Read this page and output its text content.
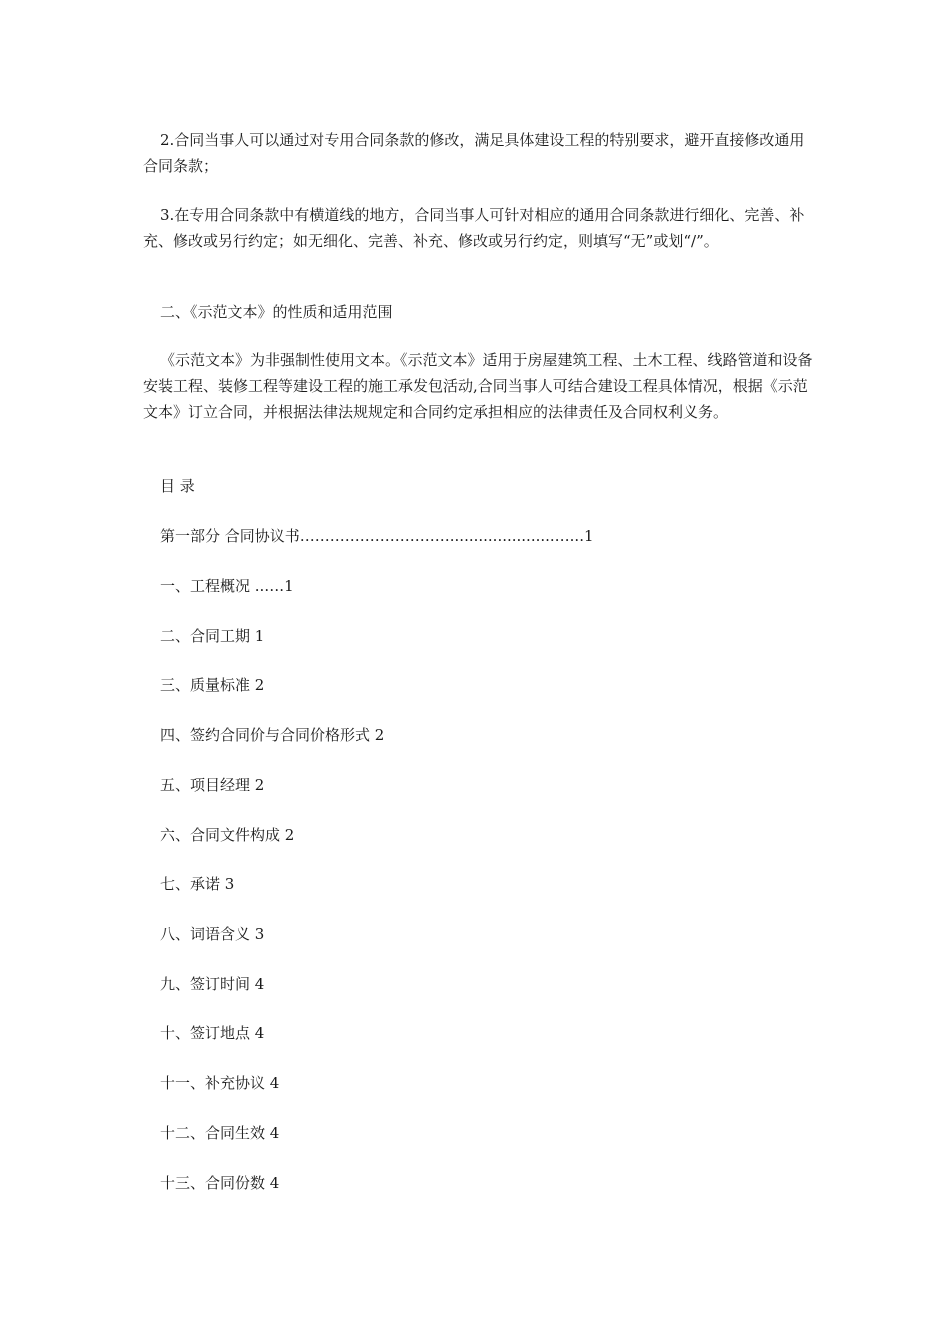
2.合同当事人可以通过对专用合同条款的修改，满足具体建设工程的特别要求，避开直接修改通用合同条款；

3.在专用合同条款中有横道线的地方，合同当事人可针对相应的通用合同条款进行细化、完善、补充、修改或另行约定；如无细化、完善、补充、修改或另行约定，则填写“无”或划“/”。

二、《示范文本》的性质和适用范围

《示范文本》为非强制性使用文本。《示范文本》适用于房屋建筑工程、土木工程、线路管道和设备安装工程、装修工程等建设工程的施工承发包活动,合同当事人可结合建设工程具体情况，根据《示范文本》订立合同，并根据法律法规规定和合同约定承担相应的法律责任及合同权利义务。

目 录

第一部分 合同协议书…………………………......................…...1

一、工程概况 ..….1

二、合同工期 1

三、质量标准 2

四、签约合同价与合同价格形式 2

五、项目经理 2

六、合同文件构成 2

七、承诺 3

八、词语含义 3

九、签订时间 4

十、签订地点 4

十一、补充协议 4

十二、合同生效 4

十三、合同份数 4
